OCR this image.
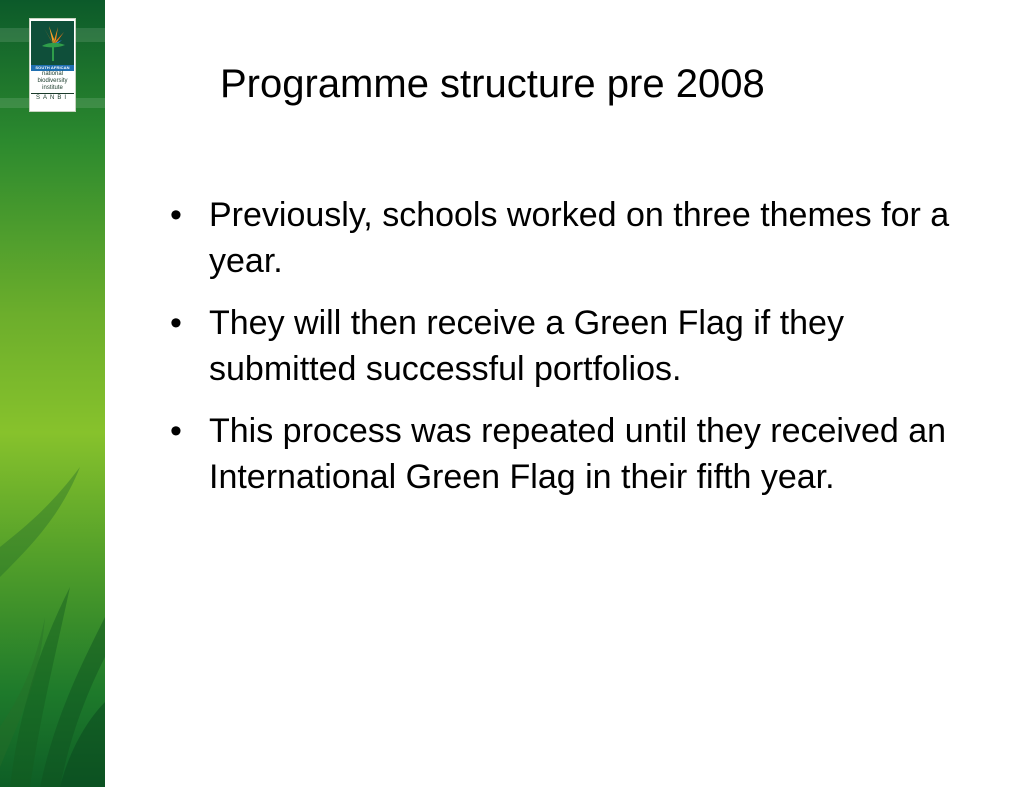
SOUTH AFRICAN
national
biodiversity
institute
SANBI	Programme structure pre 2008
• Previously, schools worked on three themes for a year.
• They will then receive a Green Flag if they submitted successful portfolios.
• This process was repeated until they received an International Green Flag in their fifth year.
